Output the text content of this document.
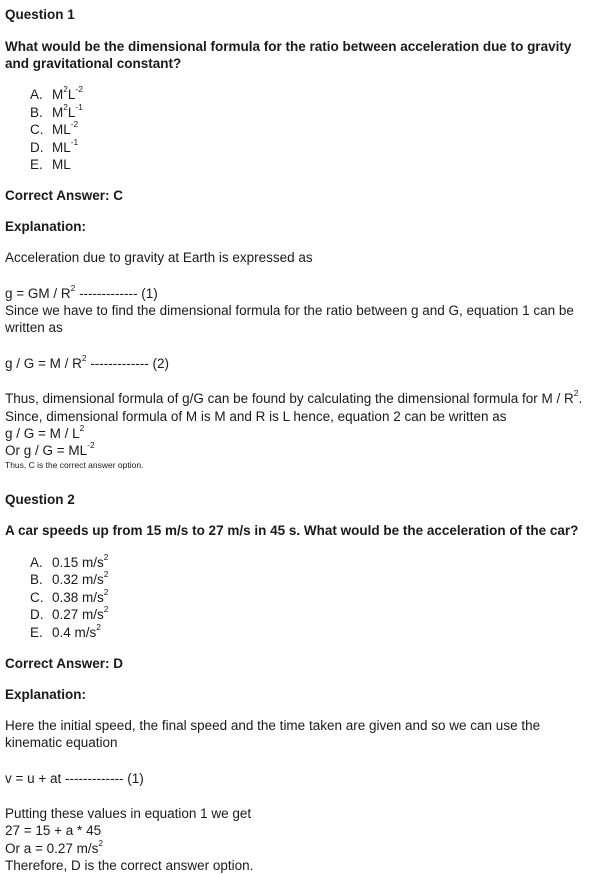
Question 1
What would be the dimensional formula for the ratio between acceleration due to gravity and gravitational constant?
A. $M^2L^{-2}$
B. $M^2L^{-1}$
C. $ML^{-2}$
D. $ML^{-1}$
E. ML
Correct Answer: C
Explanation:
Acceleration due to gravity at Earth is expressed as
g = GM / $R^2$ ------------- (1)
Since we have to find the dimensional formula for the ratio between g and G, equation 1 can be written as
$g / G = M / R^2$ ------------- (2)
Thus, dimensional formula of g/G can be found by calculating the dimensional formula for M / $R^2$.
Since, dimensional formula of M is M and R is L hence, equation 2 can be written as
$g / G = M / L^2$
Or $g / G = ML^{-2}$
Thus, C is the correct answer option.
Question 2
A car speeds up from 15 m/s to 27 m/s in 45 s. What would be the acceleration of the car?
A. 0.15 $m/s^2$
B. 0.32 $m/s^2$
C. 0.38 $m/s^2$
D. 0.27 $m/s^2$
E. 0.4 $m/s^2$
Correct Answer: D
Explanation:
Here the initial speed, the final speed and the time taken are given and so we can use the kinematic equation
v = u + at ------------- (1)
Putting these values in equation 1 we get
27 = 15 + a * 45
Or a = 0.27 $m/s^2$
Therefore, D is the correct answer option.
